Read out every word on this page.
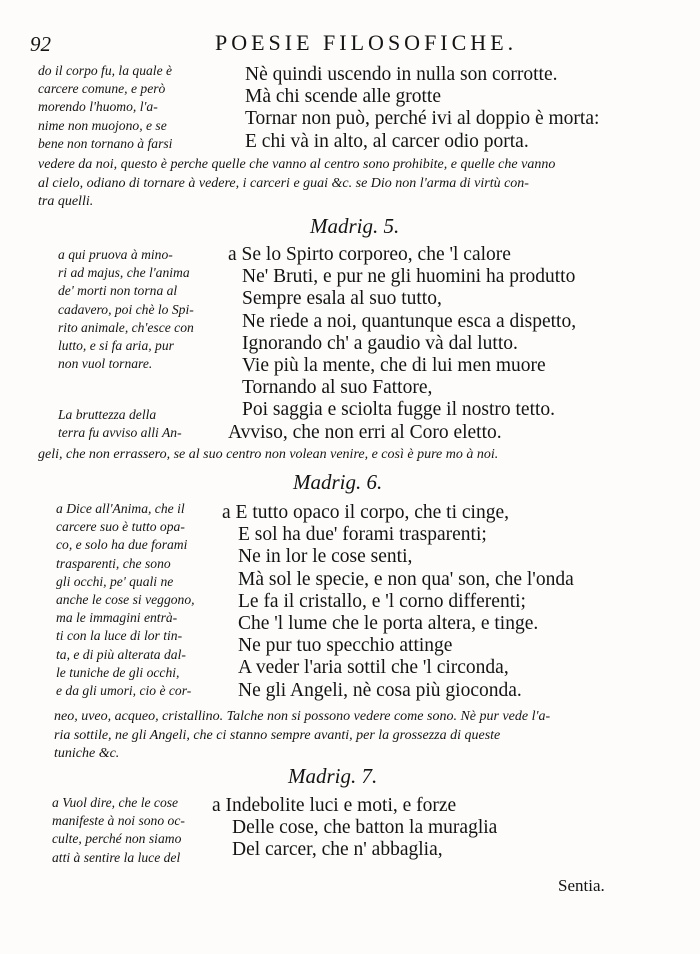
92	POESIE FILOSOFICHE.
do il corpo fu, la quale è
carcere comune, e però
morendo l'huomo, l'a-
nime non muojono, e se
bene non tornano à farsi
Nè quindi uscendo in nulla son corrotte.
Mà chi scende alle grotte
Tornar non può, perché ivi al doppio è morta:
E chi và in alto, al carcer odio porta.
vedere da noi, questo è perche quelle che vanno al centro sono prohibite, e quelle che vanno
al cielo, odiano di tornare à vedere, i carceri e guai &c. se Dio non l'arma di virtù con-
tra quelli.
Madrig. 5.
a qui pruova à mino-
ri ad majus, che l'anima
de' morti non torna al
cadavero, poi chè lo Spi-
rito animale, ch'esce con
lutto, e si fa aria, pur
non vuol tornare.
a Se lo Spirto corporeo, che 'l calore
Ne' Bruti, e pur ne gli huomini ha produtto
Sempre esala al suo tutto,
Ne riede a noi, quantunque esca a dispetto,
Ignorando ch' a gaudio và dal lutto.
Vie più la mente, che di lui men muore
Tornando al suo Fattore,
Poi saggia e sciolta fugge il nostro tetto.
Avviso, che non erri al Coro eletto.
La bruttezza della
terra fu avviso alli An-
geli, che non errassero, se al suo centro non volean venire, e così è pure mo à noi.
Madrig. 6.
a Dice all'Anima, che il
carcere suo è tutto opa-
co, e solo ha due forami
trasparenti, che sono
gli occhi, pe' quali ne
anche le cose si veggono,
ma le immagini entrà-
ti con la luce di lor tin-
ta, e di più alterata dal-
le tuniche de gli occhi,
e da gli umori, cio è cor-
a E tutto opaco il corpo, che ti cinge,
E sol ha due' forami trasparenti;
Ne in lor le cose senti,
Mà sol le specie, e non qua' son, che l'onda
Le fa il cristallo, e 'l corno differenti;
Che 'l lume che le porta altera, e tinge.
Ne pur tuo specchio attinge
A veder l'aria sottil che 'l circonda,
Ne gli Angeli, nè cosa più gioconda.
neo, uveo, acqueo, cristallino. Talche non si possono vedere come sono. Nè pur vede l'a-
ria sottile, ne gli Angeli, che ci stanno sempre avanti, per la grossezza di queste
tuniche &c.
Madrig. 7.
a Vuol dire, che le cose
manifeste à noi sono oc-
culte, perché non siamo
atti à sentire la luce del
a Indebolite luci e moti, e forze
Delle cose, che batton la muraglia
Del carcer, che n' abbaglia,
Sentia.
